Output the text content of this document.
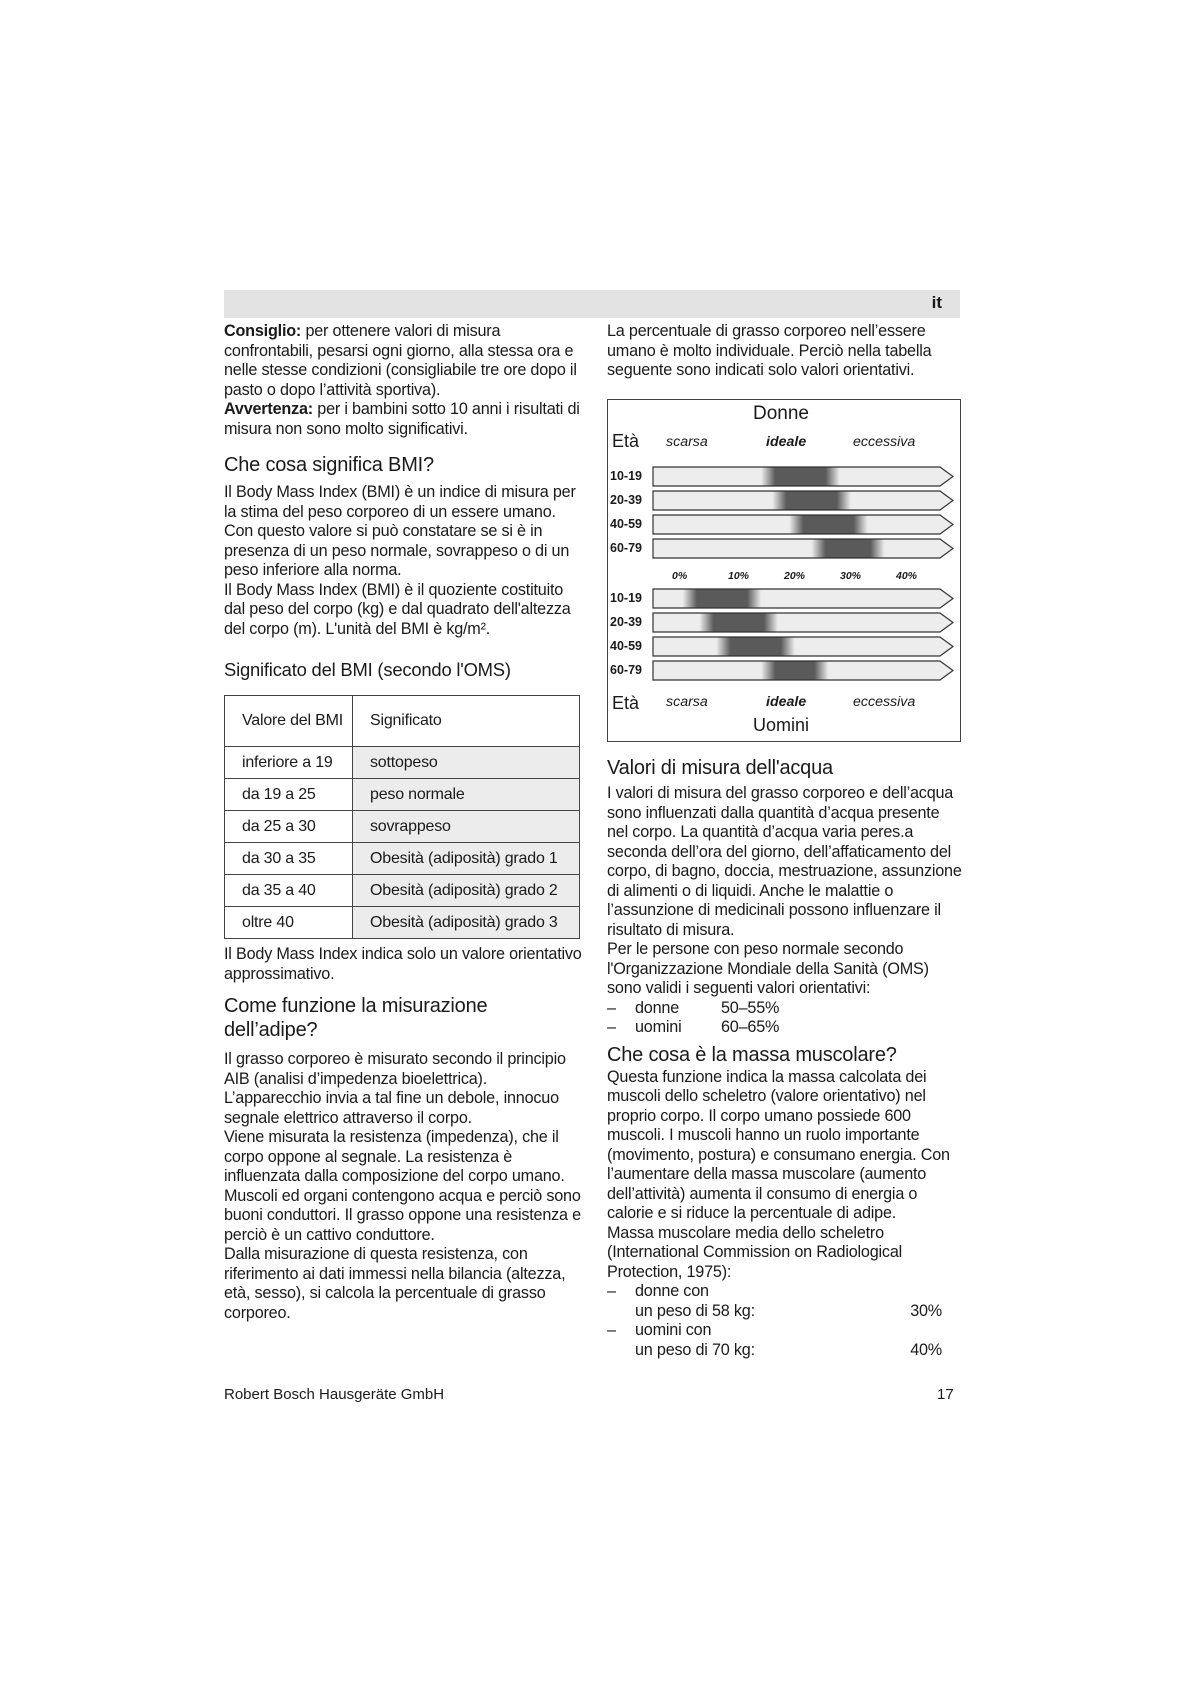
it

Consiglio: per ottenere valori di misura confrontabili, pesarsi ogni giorno, alla stessa ora e nelle stesse condizioni (consigliabile tre ore dopo il pasto o dopo l’attività sportiva).

Avvertenza: per i bambini sotto 10 anni i risultati di misura non sono molto significativi.

Che cosa significa BMI?

Il Body Mass Index (BMI) è un indice di misura per la stima del peso corporeo di un essere umano. Con questo valore si può constatare se si è in presenza di un peso normale, sovrappeso o di un peso inferiore alla norma.

Il Body Mass Index (BMI) è il quoziente costituito dal peso del corpo (kg) e dal quadrato dell'altezza del corpo (m). L'unità del BMI è kg/m².

Significato del BMI (secondo l'OMS)
Valore del BMI	Significato
inferiore a 19	sottopeso
da 19 a 25	peso normale
da 25 a 30	sovrappeso
da 30 a 35	Obesità (adiposità) grado 1
da 35 a 40	Obesità (adiposità) grado 2
oltre 40	Obesità (adiposità) grado 3

Il Body Mass Index indica solo un valore orientativo approssimativo.

Come funzione la misurazione dell’adipe?

Il grasso corporeo è misurato secondo il principio AIB (analisi d’impedenza bioelettrica).

L’apparecchio invia a tal fine un debole, innocuo segnale elettrico attraverso il corpo.

Viene misurata la resistenza (impedenza), che il corpo oppone al segnale. La resistenza è influenzata dalla composizione del corpo umano.

Muscoli ed organi contengono acqua e perciò sono buoni conduttori. Il grasso oppone una resistenza e perciò è un cattivo conduttore.

Dalla misurazione di questa resistenza, con riferimento ai dati immessi nella bilancia (altezza, età, sesso), si calcola la percentuale di grasso corporeo.

La percentuale di grasso corporeo nell’essere umano è molto individuale. Perciò nella tabella seguente sono indicati solo valori orientativi.

Donne
Età scarsa	ideale	eccessiva
Età scarsa	ideale	eccessiva
Uomini
10-19
20-39
40-59
60-79
10-19
20-39
40-59
60-79
0%	10%	20%	30%	40%
Valori di misura dell'acqua

I valori di misura del grasso corporeo e dell’acqua sono influenzati dalla quantità d’acqua presente nel corpo. La quantità d’acqua varia peres.a seconda dell’ora del giorno, dell’affaticamento del corpo, di bagno, doccia, mestruazione, assunzione di alimenti o di liquidi. Anche le malattie o l’assunzione di medicinali possono influenzare il risultato di misura.

Per le persone con peso normale secondo l'Organizzazione Mondiale della Sanità (OMS) sono validi i seguenti valori orientativi:

– donne	50–55%
– uomini 60–65%
Che cosa è la massa muscolare?

Questa funzione indica la massa calcolata dei muscoli dello scheletro (valore orientativo) nel proprio corpo. Il corpo umano possiede 600 muscoli. I muscoli hanno un ruolo importante (movimento, postura) e consumano energia. Con l’aumentare della massa muscolare (aumento dell’attività) aumenta il consumo di energia o calorie e si riduce la percentuale di adipe.

Massa muscolare media dello scheletro (International Commission on Radiological Protection, 1975):

– donne con
un peso di 58 kg:	30%
– uomini con
un peso di 70 kg:	40%
Robert Bosch Hausgeräte GmbH	17
